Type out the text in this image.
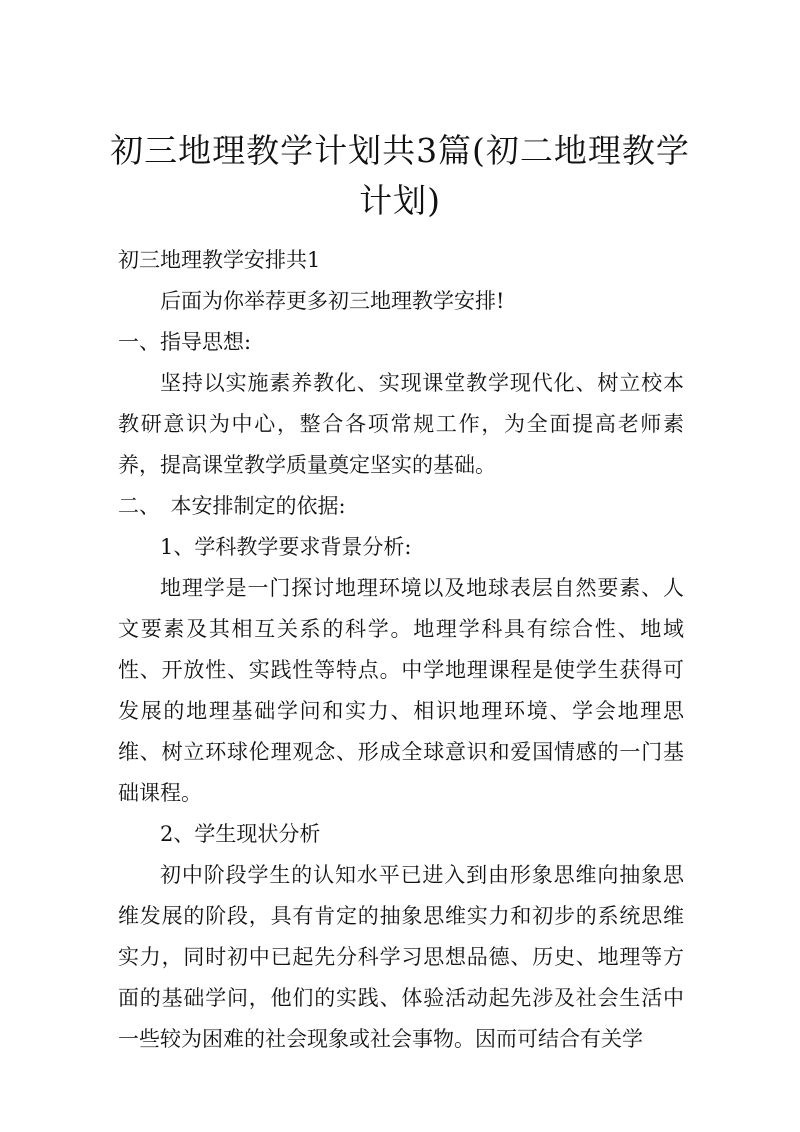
初三地理教学计划共3篇(初二地理教学计划)

初三地理教学安排共1

后面为你举荐更多初三地理教学安排!

一、指导思想:

坚持以实施素养教化、实现课堂教学现代化、树立校本教研意识为中心，整合各项常规工作，为全面提高老师素养，提高课堂教学质量奠定坚实的基础。

二、　本安排制定的依据:

1、学科教学要求背景分析:

地理学是一门探讨地理环境以及地球表层自然要素、人文要素及其相互关系的科学。地理学科具有综合性、地域性、开放性、实践性等特点。中学地理课程是使学生获得可发展的地理基础学问和实力、相识地理环境、学会地理思维、树立环球伦理观念、形成全球意识和爱国情感的一门基础课程。

2、学生现状分析

初中阶段学生的认知水平已进入到由形象思维向抽象思维发展的阶段，具有肯定的抽象思维实力和初步的系统思维实力，同时初中已起先分科学习思想品德、历史、地理等方面的基础学问，他们的实践、体验活动起先涉及社会生活中一些较为困难的社会现象或社会事物。因而可结合有关学
